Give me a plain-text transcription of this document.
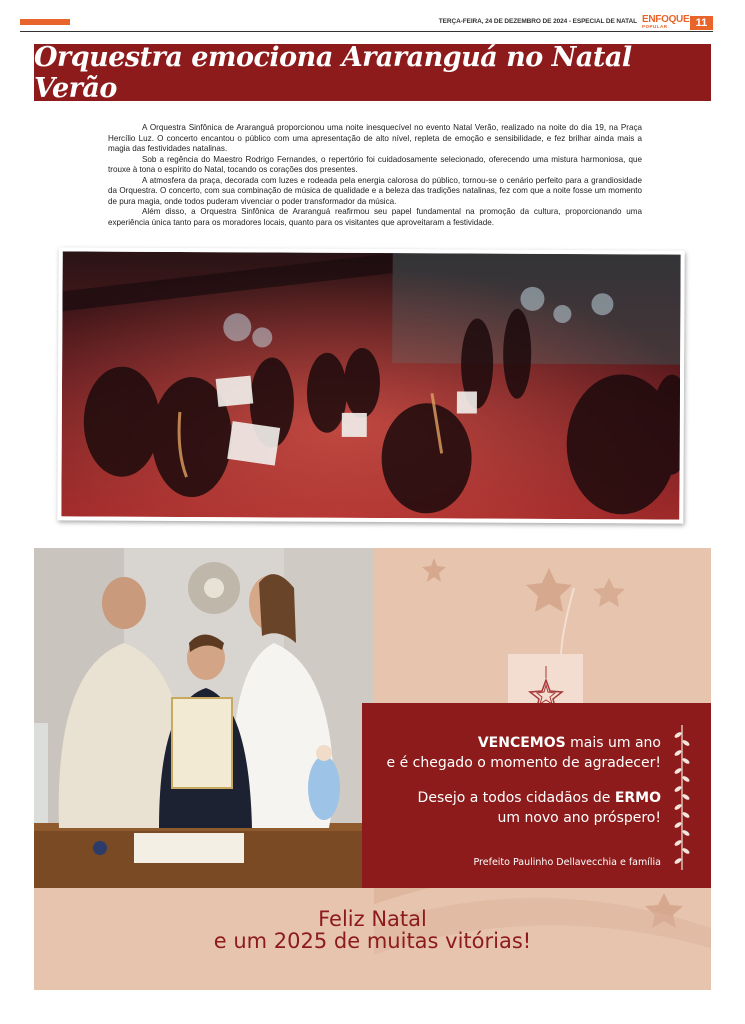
TERÇA-FEIRA, 24 DE DEZEMBRO DE 2024 - ESPECIAL DE NATAL ENFOQUE
POPULAR	11
Orquestra emociona Araranguá no Natal Verão

A Orquestra Sinfônica de Araranguá proporcionou uma noite inesquecível no evento Natal Verão, realizado na noite do dia 19, na Praça Hercílio Luz. O concerto encantou o público com uma apresentação de alto nível, repleta de emoção e sensibilidade, e fez brilhar ainda mais a magia das festividades natalinas.

Sob a regência do Maestro Rodrigo Fernandes, o repertório foi cuidadosamente selecionado, oferecendo uma mistura harmoniosa, que trouxe à tona o espírito do Natal, tocando os corações dos presentes.

A atmosfera da praça, decorada com luzes e rodeada pela energia calorosa do público, tornou-se o cenário perfeito para a grandiosidade da Orquestra. O concerto, com sua combinação de música de qualidade e a beleza das tradições natalinas, fez com que a noite fosse um momento de pura magia, onde todos puderam vivenciar o poder transformador da música.

Além disso, a Orquestra Sinfônica de Araranguá reafirmou seu papel fundamental na promoção da cultura, proporcionando uma experiência única tanto para os moradores locais, quanto para os visitantes que aproveitaram a festividade.

VENCEMOS mais um ano
e é chegado o momento de agradecer!
Desejo a todos cidadãos de ERMO
um novo ano próspero!
Prefeito Paulinho Dellavecchia e família
Feliz Natal
e um 2025 de muitas vitórias!
